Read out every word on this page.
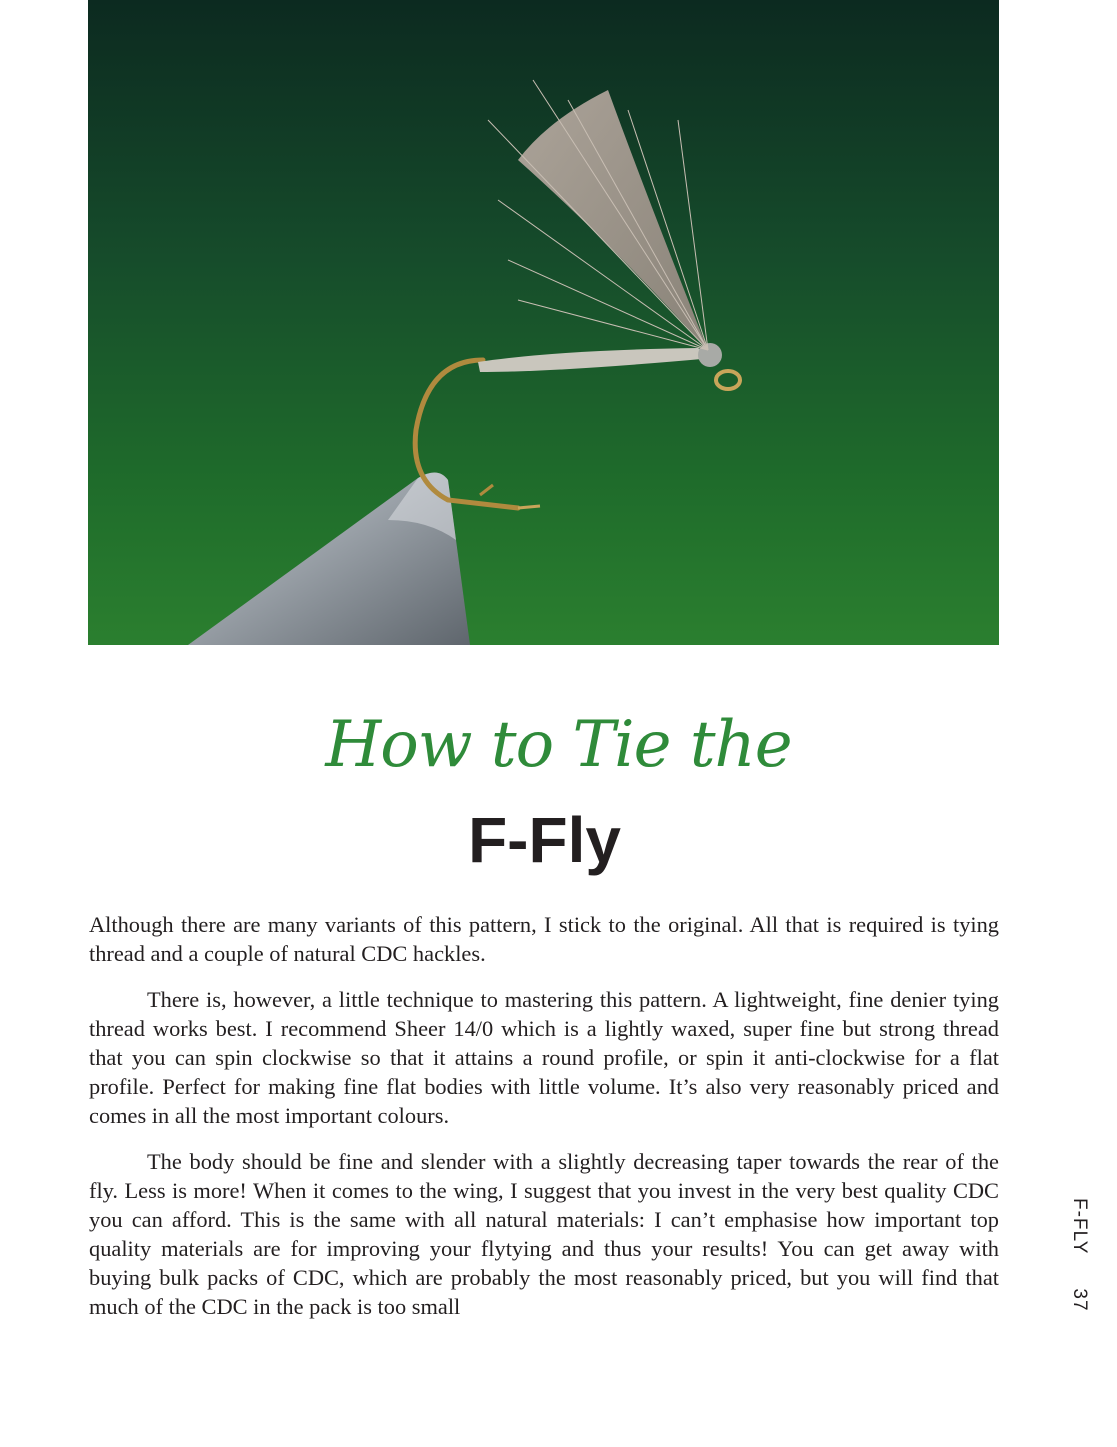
How to Tie the
F-Fly

Although there are many variants of this pattern, I stick to the original. All that is required is tying thread and a couple of natural CDC hackles.

There is, however, a little technique to mastering this pattern. A lightweight, fine denier tying thread works best. I recommend Sheer 14/0 which is a lightly waxed, super fine but strong thread that you can spin clockwise so that it attains a round profile, or spin it anti-clockwise for a flat profile. Perfect for making fine flat bodies with little volume. It’s also very reasonably priced and comes in all the most important colours.

The body should be fine and slender with a slightly decreasing taper towards the rear of the fly. Less is more! When it comes to the wing, I suggest that you invest in the very best quality CDC you can afford. This is the same with all natural materials: I can’t emphasise how important top quality materials are for improving your flytying and thus your results! You can get away with buying bulk packs of CDC, which are probably the most reasonably priced, but you will find that much of the CDC in the pack is too small

F-FLY37
